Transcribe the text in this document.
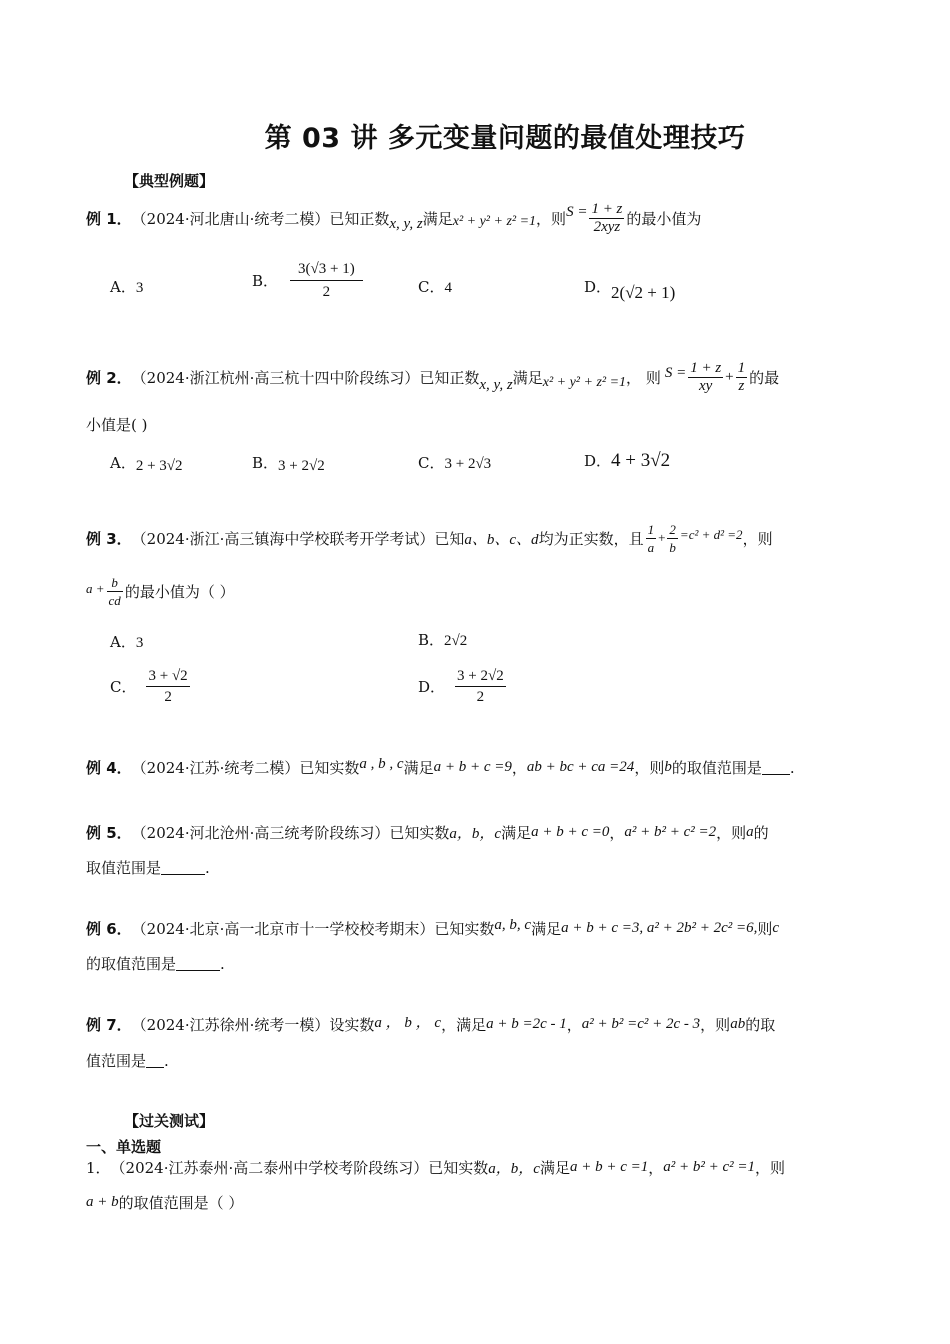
第 03 讲 多元变量问题的最值处理技巧
【典型例题】
例 1． （2024·河北唐山·统考二模）已知正数 x, y, z 满足 x² + y² + z² =1 ，则 $S = \frac{1 + z}{\text{2xyz}}$ 的最小值为
A．3	B． $\frac{3(√3 + 1)}{2}$	C．4	D．2(√2 + 1)
例 2． （2024·浙江杭州·高三杭十四中阶段练习）已知正数 x, y, z 满足 x² + y² + z² =1 ， 则 $S = \frac{1 + z}{xy} + \frac{1}{z}$ 的最
小值是( )
A．2 + 3√2	B．3 + 2√2	C．3 + 2√3	D．4 + 3√2
例 3． （2024·浙江·高三镇海中学校联考开学考试）已知 a、b、c、d 均为正实数，且 $\frac{1}{a} + \frac{2}{b} =c^2 + d^2 =2$ ，则
$a + \frac{b}{cd}$ 的最小值为（ ）
A．3	B．2√2
C． $\frac{3 + √2}{2}$	D． $\frac{3 + 2√2}{2}$
例 4． （2024·江苏·统考二模）已知实数 a , b , c 满足 a + b + c =9 ， ab + bc + ca =24 ，则 b 的取值范围是 .
例 5． （2024·河北沧州·高三统考阶段练习）已知实数 a，b，c 满足 a + b + c =0 ， a² + b² + c² =2 ，则 a 的
取值范围是	.
例 6． （2024·北京·高一北京市十一学校校考期末）已知实数 a, b, c 满足 a + b + c =3, a² + 2b² + 2c² =6, 则 c
的取值范围是	.
例 7． （2024·江苏徐州·统考一模）设实数 a ， b ， c ，满足 a + b =2c - 1 ， a² + b² =c² + 2c - 3 ，则 ab 的取
值范围是 .
【过关测试】
一、单选题
1． （2024·江苏泰州·高二泰州中学校考阶段练习）已知实数 a，b，c 满足 a + b + c =1 ， a² + b² + c² =1 ，则
a + b 的取值范围是（ ）
